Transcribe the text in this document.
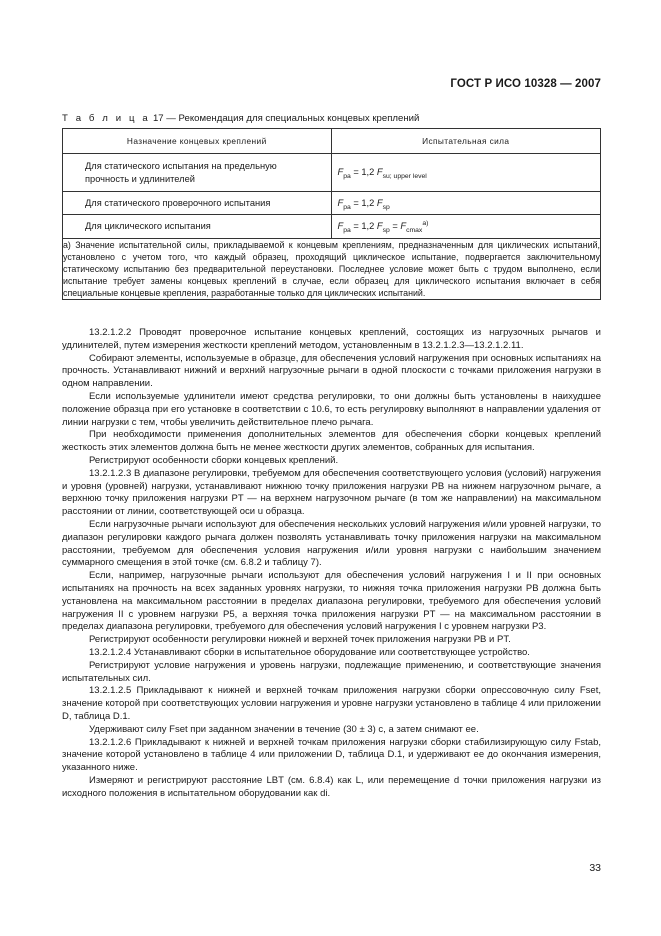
ГОСТ Р ИСО 10328 — 2007
Т а б л и ц а 17 — Рекомендация для специальных концевых креплений
Назначение концевых креплений	Испытательная сила
Для статического испытания на предельную прочность и удлинителей	$F_{pa} = 1,2$ $F_{su; upper level}$
Для статического проверочного испытания	$F_{pa} = 1,2$ $F_{sp}$
Для циклического испытания	$F_{pa} = 1,2$ $F_{sp} = F_{cmax}^{a)}$
a) Значение испытательной силы, прикладываемой к концевым креплениям, предназначенным для циклических испытаний, установлено с учетом того, что каждый образец, проходящий циклическое испытание, подвергается заключительному статическому испытанию без предварительной переустановки. Последнее условие может быть с трудом выполнено, если испытание требует замены концевых креплений в случае, если образец для циклического испытания включает в себя специальные концевые крепления, разработанные только для циклических испытаний.	

13.2.1.2.2 Проводят проверочное испытание концевых креплений, состоящих из нагрузочных рычагов и удлинителей, путем измерения жесткости креплений методом, установленным в 13.2.1.2.3—13.2.1.2.11.

Собирают элементы, используемые в образце, для обеспечения условий нагружения при основных испытаниях на прочность. Устанавливают нижний и верхний нагрузочные рычаги в одной плоскости с точками приложения нагрузки в одном направлении.

Если используемые удлинители имеют средства регулировки, то они должны быть установлены в наихудшее положение образца при его установке в соответствии с 10.6, то есть регулировку выполняют в направлении удаления от линии нагрузки с тем, чтобы увеличить действительное плечо рычага.

При необходимости применения дополнительных элементов для обеспечения сборки концевых креплений жесткость этих элементов должна быть не менее жесткости других элементов, собранных для испытания.

Регистрируют особенности сборки концевых креплений.

13.2.1.2.3 В диапазоне регулировки, требуемом для обеспечения соответствующего условия (условий) нагружения и уровня (уровней) нагрузки, устанавливают нижнюю точку приложения нагрузки PB на нижнем нагрузочном рычаге, а верхнюю точку приложения нагрузки PT — на верхнем нагрузочном рычаге (в том же направлении) на максимальном расстоянии от линии, соответствующей оси u образца.

Если нагрузочные рычаги используют для обеспечения нескольких условий нагружения и/или уровней нагрузки, то диапазон регулировки каждого рычага должен позволять устанавливать точку приложения нагрузки на максимальном расстоянии, требуемом для обеспечения условия нагружения и/или уровня нагрузки с наибольшим значением суммарного смещения в этой точке (см. 6.8.2 и таблицу 7).

Если, например, нагрузочные рычаги используют для обеспечения условий нагружения I и II при основных испытаниях на прочность на всех заданных уровнях нагрузки, то нижняя точка приложения нагрузки PB должна быть установлена на максимальном расстоянии в пределах диапазона регулировки, требуемого для обеспечения условий нагружения II с уровнем нагрузки P5, а верхняя точка приложения нагрузки PT — на максимальном расстоянии в пределах диапазона регулировки, требуемого для обеспечения условий нагружения I с уровнем нагрузки P3.

Регистрируют особенности регулировки нижней и верхней точек приложения нагрузки PB и PT.

13.2.1.2.4 Устанавливают сборки в испытательное оборудование или соответствующее устройство.

Регистрируют условие нагружения и уровень нагрузки, подлежащие применению, и соответствующие значения испытательных сил.

13.2.1.2.5 Прикладывают к нижней и верхней точкам приложения нагрузки сборки опрессовочную силу Fset, значение которой при соответствующих условии нагружения и уровне нагрузки установлено в таблице 4 или приложении D, таблица D.1.

Удерживают силу Fset при заданном значении в течение (30 ± 3) с, а затем снимают ее.

13.2.1.2.6 Прикладывают к нижней и верхней точкам приложения нагрузки сборки стабилизирующую силу Fstab, значение которой установлено в таблице 4 или приложении D, таблица D.1, и удерживают ее до окончания измерения, указанного ниже.

Измеряют и регистрируют расстояние LBT (см. 6.8.4) как L, или перемещение d точки приложения нагрузки из исходного положения в испытательном оборудовании как di.

33
